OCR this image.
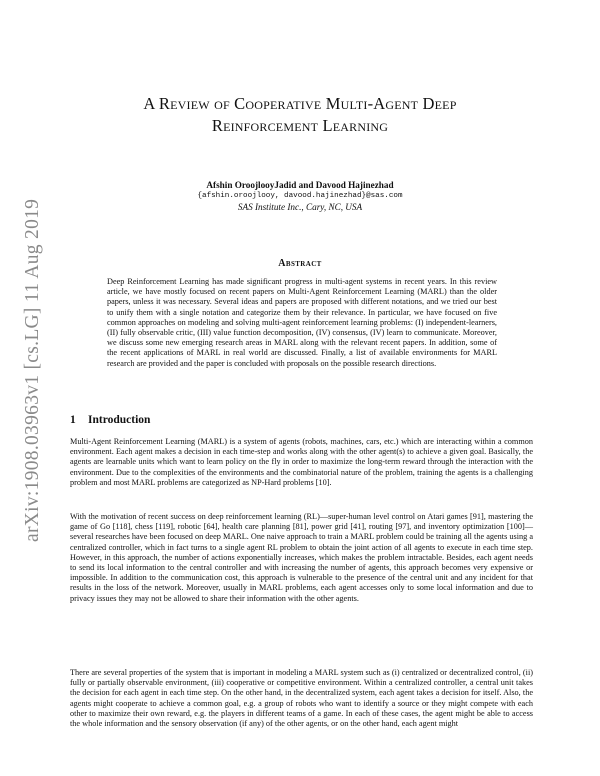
arXiv:1908.03963v1 [cs.LG] 11 Aug 2019
A Review of Cooperative Multi-Agent Deep
Reinforcement Learning
Afshin OroojlooyJadid and Davood Hajinezhad
{afshin.oroojlooy, davood.hajinezhad}@sas.com
SAS Institute Inc., Cary, NC, USA
Abstract
Deep Reinforcement Learning has made significant progress in multi-agent systems in recent years. In this review article, we have mostly focused on recent papers on Multi-Agent Reinforcement Learning (MARL) than the older papers, unless it was necessary. Several ideas and papers are proposed with different notations, and we tried our best to unify them with a single notation and categorize them by their relevance. In particular, we have focused on five common approaches on modeling and solving multi-agent reinforcement learning problems: (I) independent-learners, (II) fully observable critic, (III) value function decomposition, (IV) consensus, (IV) learn to communicate. Moreover, we discuss some new emerging research areas in MARL along with the relevant recent papers. In addition, some of the recent applications of MARL in real world are discussed. Finally, a list of available environments for MARL research are provided and the paper is concluded with proposals on the possible research directions.
1 Introduction

Multi-Agent Reinforcement Learning (MARL) is a system of agents (robots, machines, cars, etc.) which are interacting within a common environment. Each agent makes a decision in each time-step and works along with the other agent(s) to achieve a given goal. Basically, the agents are learnable units which want to learn policy on the fly in order to maximize the long-term reward through the interaction with the environment. Due to the complexities of the environments and the combinatorial nature of the problem, training the agents is a challenging problem and most MARL problems are categorized as NP-Hard problems [10].

With the motivation of recent success on deep reinforcement learning (RL)—super-human level control on Atari games [91], mastering the game of Go [118], chess [119], robotic [64], health care planning [81], power grid [41], routing [97], and inventory optimization [100]—several researches have been focused on deep MARL. One naive approach to train a MARL problem could be training all the agents using a centralized controller, which in fact turns to a single agent RL problem to obtain the joint action of all agents to execute in each time step. However, in this approach, the number of actions exponentially increases, which makes the problem intractable. Besides, each agent needs to send its local information to the central controller and with increasing the number of agents, this approach becomes very expensive or impossible. In addition to the communication cost, this approach is vulnerable to the presence of the central unit and any incident for that results in the loss of the network. Moreover, usually in MARL problems, each agent accesses only to some local information and due to privacy issues they may not be allowed to share their information with the other agents.

There are several properties of the system that is important in modeling a MARL system such as (i) centralized or decentralized control, (ii) fully or partially observable environment, (iii) cooperative or competitive environment. Within a centralized controller, a central unit takes the decision for each agent in each time step. On the other hand, in the decentralized system, each agent takes a decision for itself. Also, the agents might cooperate to achieve a common goal, e.g. a group of robots who want to identify a source or they might compete with each other to maximize their own reward, e.g. the players in different teams of a game. In each of these cases, the agent might be able to access the whole information and the sensory observation (if any) of the other agents, or on the other hand, each agent might
